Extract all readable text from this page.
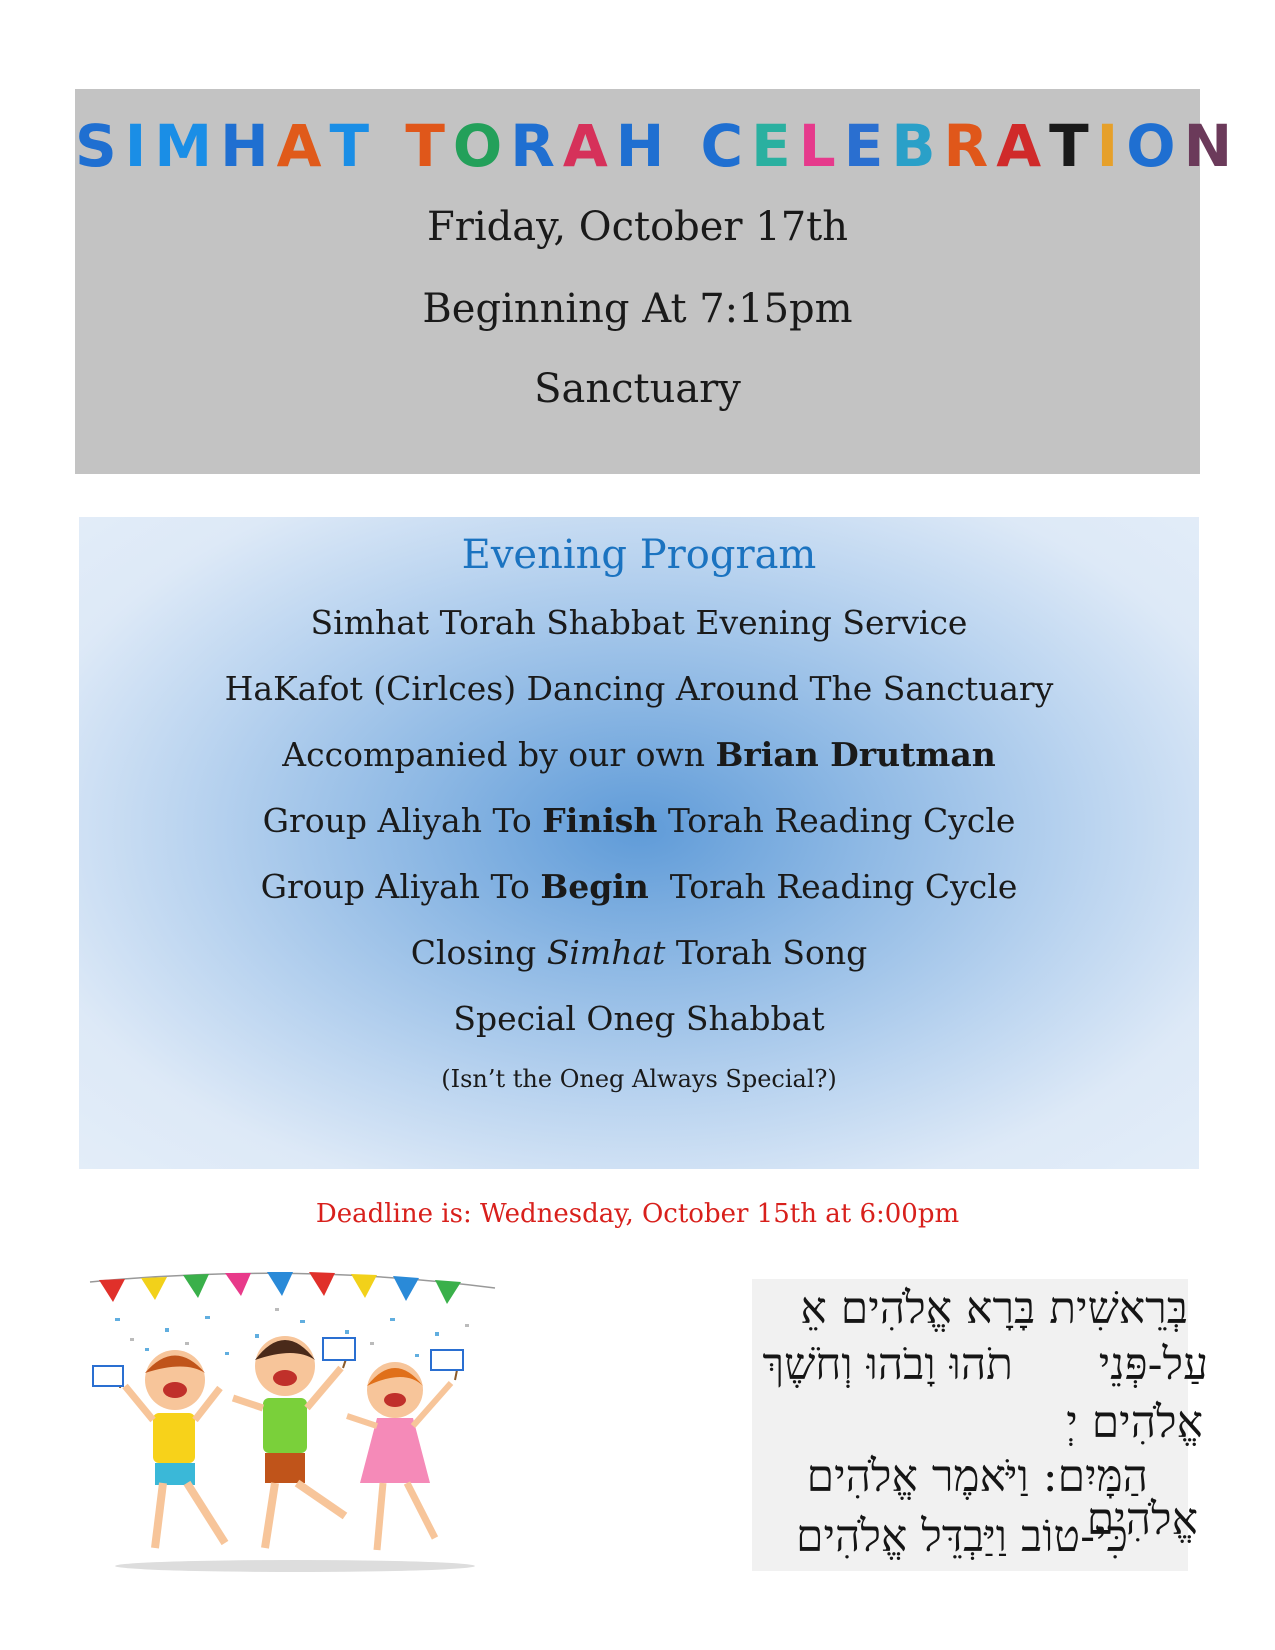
SIMHAT TORAH CELEBRATION
Friday, October 17th
Beginning At 7:15pm
Sanctuary
Evening Program
Simhat Torah Shabbat Evening Service
HaKafot (Cirlces) Dancing Around The Sanctuary
Accompanied by our own Brian Drutman
Group Aliyah To Finish Torah Reading Cycle
Group Aliyah To Begin  Torah Reading Cycle
Closing Simhat Torah Song
Special Oneg Shabbat
(Isn’t the Oneg Always Special?)
Deadline is: Wednesday, October 15th at 6:00pm
בְּרֵאשִׁית בָּרָא אֱלֹהִים אֵ
עַל-פְּנֵי
תֹהוּ וָבֹהוּ וְחֹשֶׁךְ
אֱלֹהִים יְ
הַמָּיִם: וַיֹּאמֶר אֱלֹהִים
אֱלֹהִים
כִּי-טוֹב וַיַּבְדֵּל אֱלֹהִים
